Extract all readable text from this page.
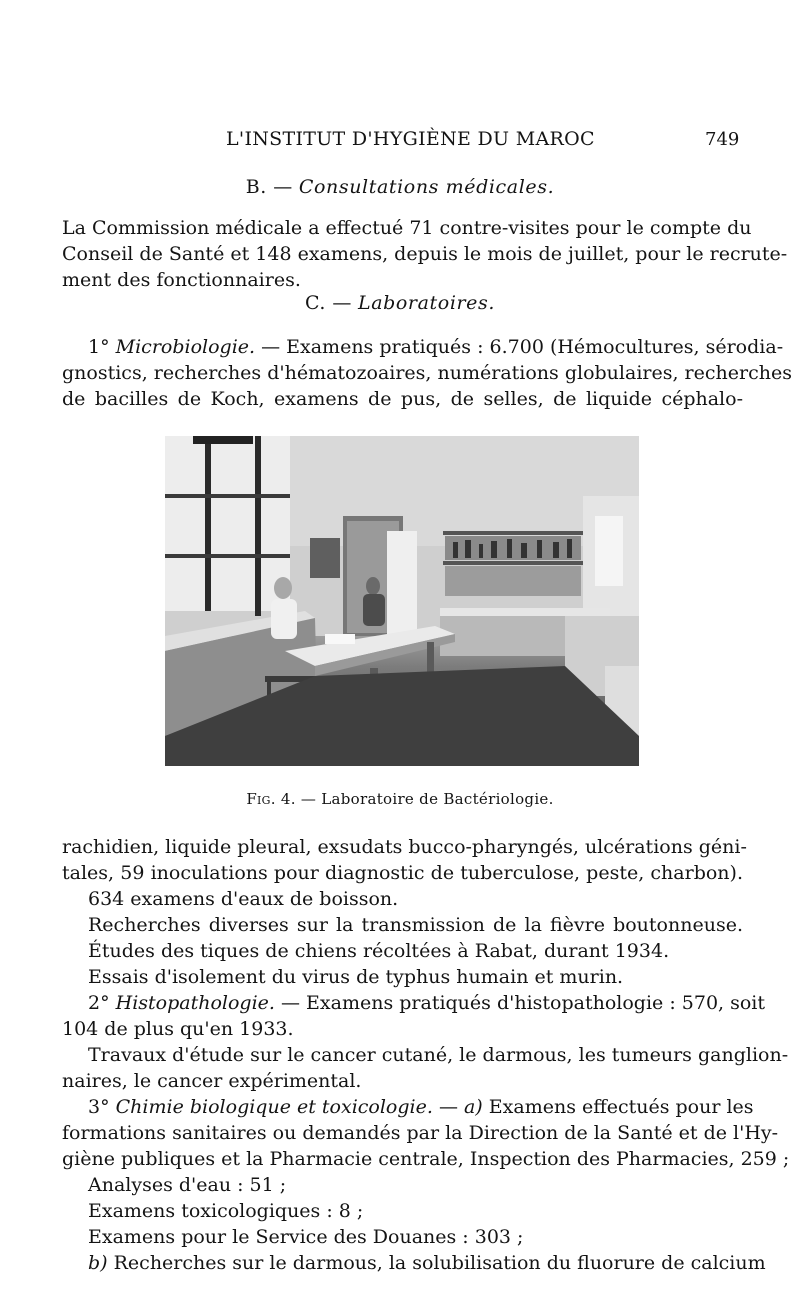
L'INSTITUT D'HYGIÈNE DU MAROC	749
B. — Consultations médicales.
La Commission médicale a effectué 71 contre-visites pour le compte du
Conseil de Santé et 148 examens, depuis le mois de juillet, pour le recrute-
ment des fonctionnaires.
C. — Laboratoires.
1° Microbiologie. — Examens pratiqués : 6.700 (Hémocultures, sérodia-
gnostics, recherches d'hématozoaires, numérations globulaires, recherches
de bacilles de Koch, examens de pus, de selles, de liquide céphalo-
Fig. 4. — Laboratoire de Bactériologie.
rachidien, liquide pleural, exsudats bucco-pharyngés, ulcérations géni-
tales, 59 inoculations pour diagnostic de tuberculose, peste, charbon).
634 examens d'eaux de boisson.
Recherches diverses sur la transmission de la fièvre boutonneuse.
Études des tiques de chiens récoltées à Rabat, durant 1934.
Essais d'isolement du virus de typhus humain et murin.
2° Histopathologie. — Examens pratiqués d'histopathologie : 570, soit
104 de plus qu'en 1933.
Travaux d'étude sur le cancer cutané, le darmous, les tumeurs ganglion-
naires, le cancer expérimental.
3° Chimie biologique et toxicologie. — a) Examens effectués pour les
formations sanitaires ou demandés par la Direction de la Santé et de l'Hy-
giène publiques et la Pharmacie centrale, Inspection des Pharmacies, 259 ;
Analyses d'eau : 51 ;
Examens toxicologiques : 8 ;
Examens pour le Service des Douanes : 303 ;
b) Recherches sur le darmous, la solubilisation du fluorure de calcium
